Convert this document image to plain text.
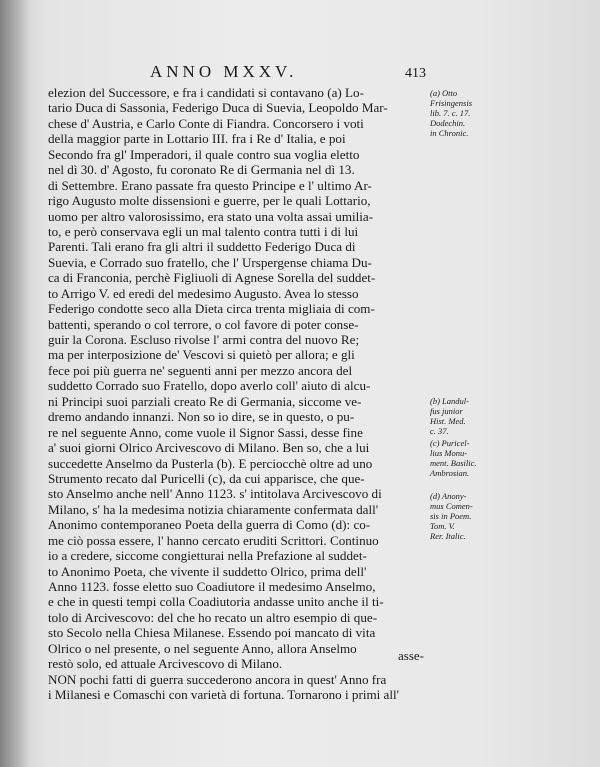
ANNO MXXV.	413
elezion del Successore, e fra i candidati si contavano (a) Lo-
tario Duca di Sassonia, Federigo Duca di Suevia, Leopoldo Mar-
chese d' Austria, e Carlo Conte di Fiandra. Concorsero i voti
della maggior parte in Lottario III. fra i Re d' Italia, e poi
Secondo fra gl' Imperadori, il quale contro sua voglia eletto
nel dì 30. d' Agosto, fu coronato Re di Germania nel dì 13.
di Settembre. Erano passate fra questo Principe e l' ultimo Ar-
rigo Augusto molte dissensioni e guerre, per le quali Lottario,
uomo per altro valorosissimo, era stato una volta assai umilia-
to, e però conservava egli un mal talento contra tutti i di lui
Parenti. Tali erano fra gli altri il suddetto Federigo Duca di
Suevia, e Corrado suo fratello, che l' Urspergense chiama Du-
ca di Franconia, perchè Figliuoli di Agnese Sorella del suddet-
to Arrigo V. ed eredi del medesimo Augusto. Avea lo stesso
Federigo condotte seco alla Dieta circa trenta migliaia di com-
battenti, sperando o col terrore, o col favore di poter conse-
guir la Corona. Escluso rivolse l' armi contra del nuovo Re;
ma per interposizione de' Vescovi si quietò per allora; e gli
fece poi più guerra ne' seguenti anni per mezzo ancora del
suddetto Corrado suo Fratello, dopo averlo coll' aiuto di alcu-
ni Principi suoi parziali creato Re di Germania, siccome ve-
dremo andando innanzi. Non so io dire, se in questo, o pu-
re nel seguente Anno, come vuole il Signor Sassi, desse fine
a' suoi giorni Olrico Arcivescovo di Milano. Ben so, che a lui
succedette Anselmo da Pusterla (b). E perciocchè oltre ad uno
Strumento recato dal Puricelli (c), da cui apparisce, che que-
sto Anselmo anche nell' Anno 1123. s' intitolava Arcivescovo di
Milano, s' ha la medesima notizia chiaramente confermata dall'
Anonimo contemporaneo Poeta della guerra di Como (d): co-
me ciò possa essere, l' hanno cercato eruditi Scrittori. Continuo
io a credere, siccome congietturai nella Prefazione al suddet-
to Anonimo Poeta, che vivente il suddetto Olrico, prima dell'
Anno 1123. fosse eletto suo Coadiutore il medesimo Anselmo,
e che in questi tempi colla Coadiutoria andasse unito anche il ti-
tolo di Arcivescovo: del che ho recato un altro esempio di que-
sto Secolo nella Chiesa Milanese. Essendo poi mancato di vita
Olrico o nel presente, o nel seguente Anno, allora Anselmo
restò solo, ed attuale Arcivescovo di Milano.
NON pochi fatti di guerra succederono ancora in quest' Anno fra
i Milanesi e Comaschi con varietà di fortuna. Tornarono i primi all'
(a) Otto
Frisingensis
lib. 7. c. 17.
Dodechin.
in Chronic.
(b) Landul-
fus junior
Hist. Med.
c. 37.
(c) Puricel-
lius Monu-
ment. Basilic.
Ambrosian.
(d) Anony-
mus Comen-
sis in Poem.
Tom. V.
Rer. Italic.
asse-
